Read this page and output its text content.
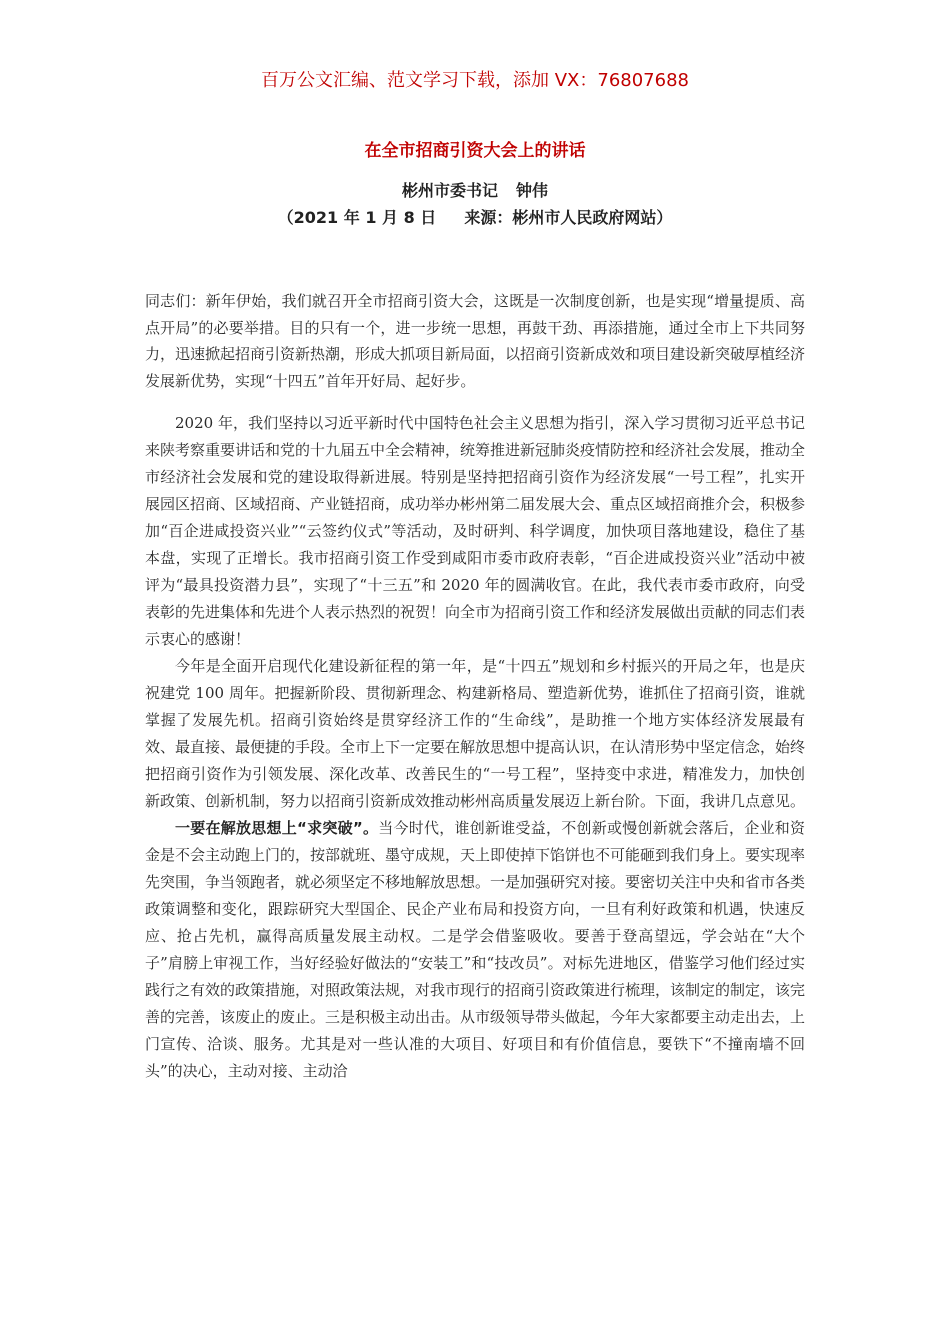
百万公文汇编、范文学习下载，添加 VX：76807688
在全市招商引资大会上的讲话
彬州市委书记 钟伟
（2021 年 1 月 8 日 来源：彬州市人民政府网站）

同志们：新年伊始，我们就召开全市招商引资大会，这既是一次制度创新，也是实现“增量提质、高点开局”的必要举措。目的只有一个，进一步统一思想，再鼓干劲、再添措施，通过全市上下共同努力，迅速掀起招商引资新热潮，形成大抓项目新局面，以招商引资新成效和项目建设新突破厚植经济发展新优势，实现“十四五”首年开好局、起好步。

2020 年，我们坚持以习近平新时代中国特色社会主义思想为指引，深入学习贯彻习近平总书记来陕考察重要讲话和党的十九届五中全会精神，统筹推进新冠肺炎疫情防控和经济社会发展，推动全市经济社会发展和党的建设取得新进展。特别是坚持把招商引资作为经济发展“一号工程”，扎实开展园区招商、区域招商、产业链招商，成功举办彬州第二届发展大会、重点区域招商推介会，积极参加“百企进咸投资兴业”“云签约仪式”等活动，及时研判、科学调度，加快项目落地建设，稳住了基本盘，实现了正增长。我市招商引资工作受到咸阳市委市政府表彰，“百企进咸投资兴业”活动中被评为“最具投资潜力县”，实现了“十三五”和 2020 年的圆满收官。在此，我代表市委市政府，向受表彰的先进集体和先进个人表示热烈的祝贺！向全市为招商引资工作和经济发展做出贡献的同志们表示衷心的感谢！

今年是全面开启现代化建设新征程的第一年，是“十四五”规划和乡村振兴的开局之年，也是庆祝建党 100 周年。把握新阶段、贯彻新理念、构建新格局、塑造新优势，谁抓住了招商引资，谁就掌握了发展先机。招商引资始终是贯穿经济工作的“生命线”，是助推一个地方实体经济发展最有效、最直接、最便捷的手段。全市上下一定要在解放思想中提高认识，在认清形势中坚定信念，始终把招商引资作为引领发展、深化改革、改善民生的“一号工程”，坚持变中求进，精准发力，加快创新政策、创新机制，努力以招商引资新成效推动彬州高质量发展迈上新台阶。下面，我讲几点意见。

一要在解放思想上“求突破”。当今时代，谁创新谁受益，不创新或慢创新就会落后，企业和资金是不会主动跑上门的，按部就班、墨守成规，天上即使掉下馅饼也不可能砸到我们身上。要实现率先突围，争当领跑者，就必须坚定不移地解放思想。一是加强研究对接。要密切关注中央和省市各类政策调整和变化，跟踪研究大型国企、民企产业布局和投资方向，一旦有利好政策和机遇，快速反应、抢占先机，赢得高质量发展主动权。二是学会借鉴吸收。要善于登高望远，学会站在“大个子”肩膀上审视工作，当好经验好做法的“安装工”和“技改员”。对标先进地区，借鉴学习他们经过实践行之有效的政策措施，对照政策法规，对我市现行的招商引资政策进行梳理，该制定的制定，该完善的完善，该废止的废止。三是积极主动出击。从市级领导带头做起，今年大家都要主动走出去，上门宣传、洽谈、服务。尤其是对一些认准的大项目、好项目和有价值信息，要铁下“不撞南墙不回头”的决心，主动对接、主动洽
